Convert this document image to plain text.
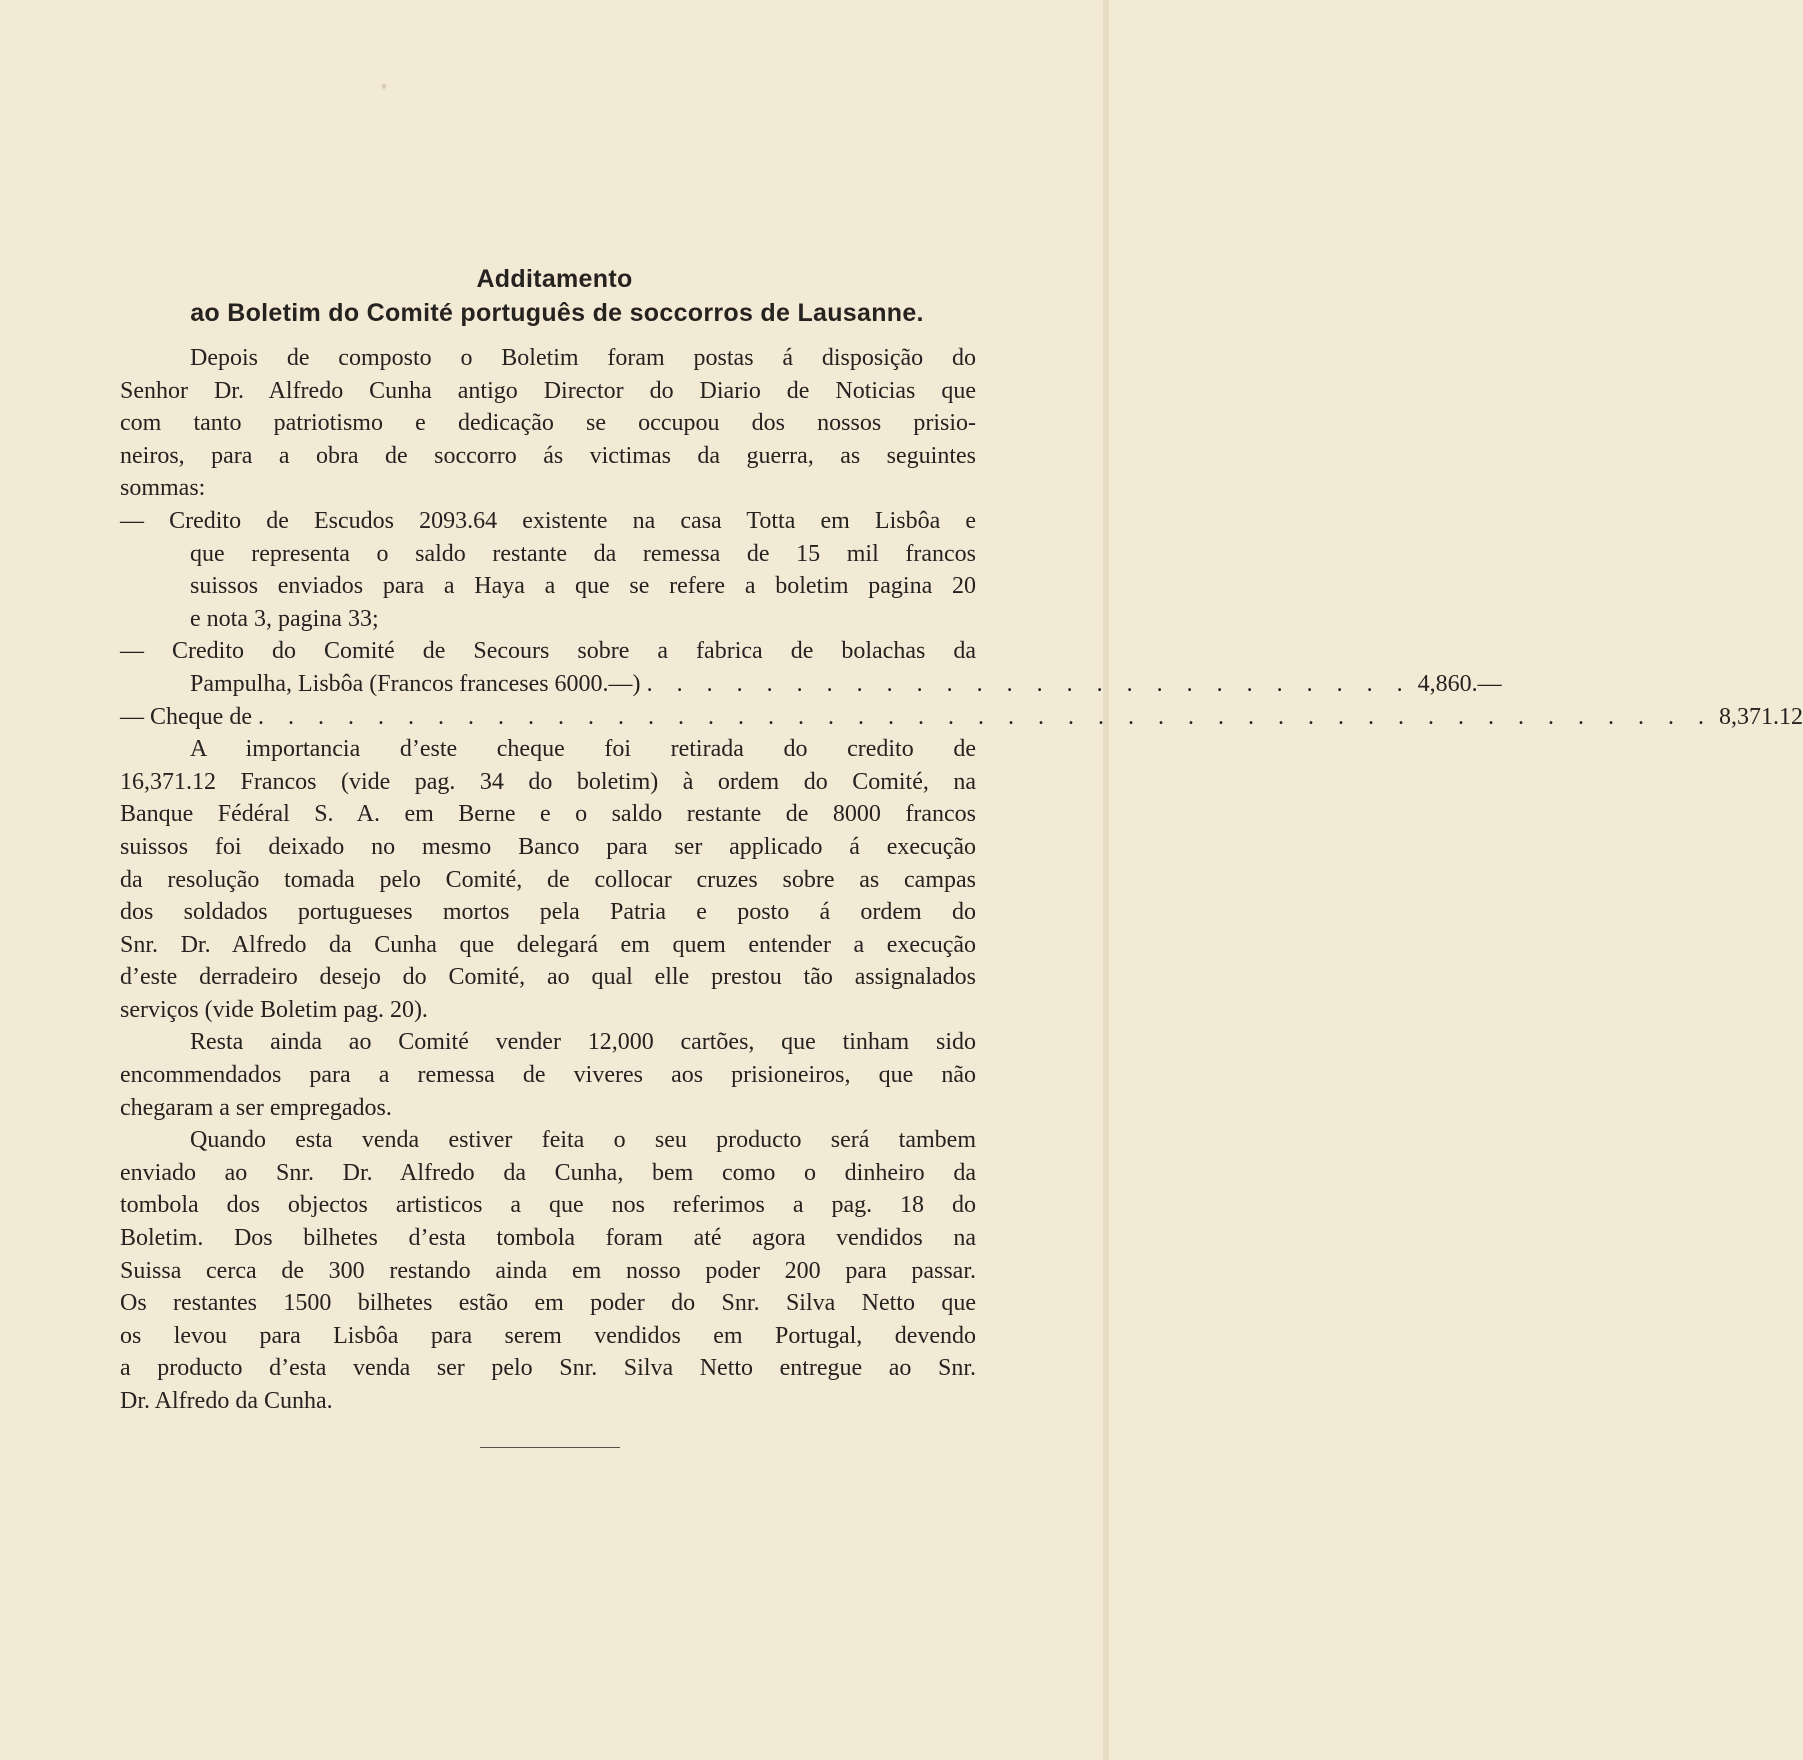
Additamento
ao Boletim do Comité português de soccorros de Lausanne.
Depois de composto o Boletim foram postas á disposição do
Senhor Dr. Alfredo Cunha antigo Director do Diario de Noticias que
com tanto patriotismo e dedicação se occupou dos nossos prisio-
neiros, para a obra de soccorro ás victimas da guerra, as seguintes
sommas:
— Credito de Escudos 2093.64 existente na casa Totta em Lisbôa e
que representa o saldo restante da remessa de 15 mil francos
suissos enviados para a Haya a que se refere a boletim pagina 20
e nota 3, pagina 33;
— Credito do Comité de Secours sobre a fabrica de bolachas da
Pampulha, Lisbôa (Francos franceses 6000.—) . . . . . . . . . . . . . . . . . . . . . . . . . . 4,860.—
— Cheque de . . . . . . . . . . . . . . . . . . . . . . . . . . . . . . . . . . . . . . . . . . . . . . . . . 8,371.12
A importancia d’este cheque foi retirada do credito de
16,371.12 Francos (vide pag. 34 do boletim) à ordem do Comité, na
Banque Fédéral S. A. em Berne e o saldo restante de 8000 francos
suissos foi deixado no mesmo Banco para ser applicado á execução
da resolução tomada pelo Comité, de collocar cruzes sobre as campas
dos soldados portugueses mortos pela Patria e posto á ordem do
Snr. Dr. Alfredo da Cunha que delegará em quem entender a execução
d’este derradeiro desejo do Comité, ao qual elle prestou tão assignalados
serviços (vide Boletim pag. 20).
Resta ainda ao Comité vender 12,000 cartões, que tinham sido
encommendados para a remessa de viveres aos prisioneiros, que não
chegaram a ser empregados.
Quando esta venda estiver feita o seu producto será tambem
enviado ao Snr. Dr. Alfredo da Cunha, bem como o dinheiro da
tombola dos objectos artisticos a que nos referimos a pag. 18 do
Boletim. Dos bilhetes d’esta tombola foram até agora vendidos na
Suissa cerca de 300 restando ainda em nosso poder 200 para passar.
Os restantes 1500 bilhetes estão em poder do Snr. Silva Netto que
os levou para Lisbôa para serem vendidos em Portugal, devendo
a producto d’esta venda ser pelo Snr. Silva Netto entregue ao Snr.
Dr. Alfredo da Cunha.
